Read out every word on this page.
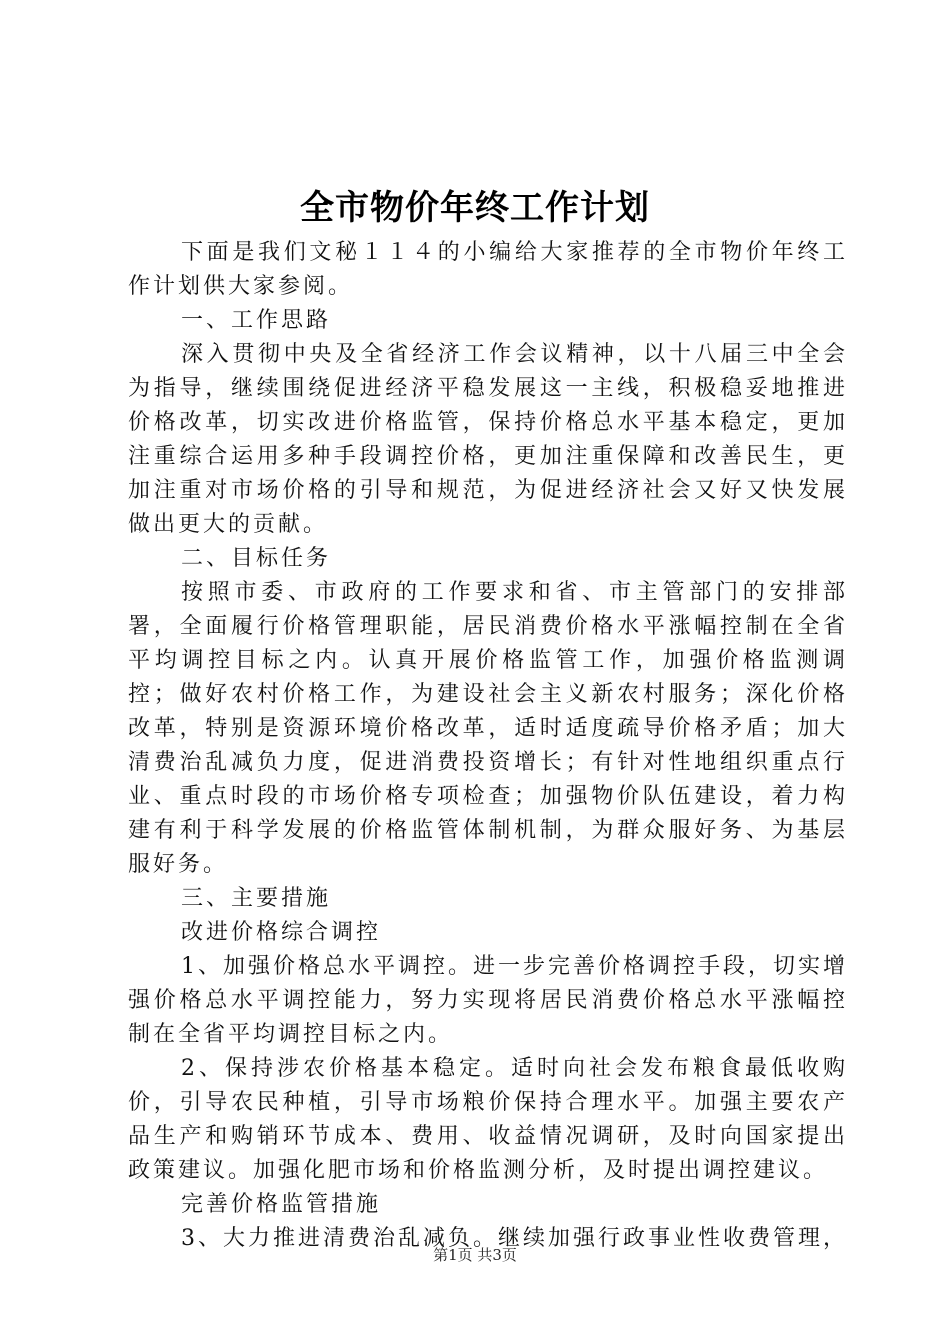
全市物价年终工作计划

下面是我们文秘１１４的小编给大家推荐的全市物价年终工作计划供大家参阅。

一、工作思路

深入贯彻中央及全省经济工作会议精神，以十八届三中全会为指导，继续围绕促进经济平稳发展这一主线，积极稳妥地推进价格改革，切实改进价格监管，保持价格总水平基本稳定，更加注重综合运用多种手段调控价格，更加注重保障和改善民生，更加注重对市场价格的引导和规范，为促进经济社会又好又快发展做出更大的贡献。

二、目标任务

按照市委、市政府的工作要求和省、市主管部门的安排部署，全面履行价格管理职能，居民消费价格水平涨幅控制在全省平均调控目标之内。认真开展价格监管工作，加强价格监测调控；做好农村价格工作，为建设社会主义新农村服务；深化价格改革，特别是资源环境价格改革，适时适度疏导价格矛盾；加大清费治乱减负力度，促进消费投资增长；有针对性地组织重点行业、重点时段的市场价格专项检查；加强物价队伍建设，着力构建有利于科学发展的价格监管体制机制，为群众服好务、为基层服好务。

三、主要措施

改进价格综合调控

1、加强价格总水平调控。进一步完善价格调控手段，切实增强价格总水平调控能力，努力实现将居民消费价格总水平涨幅控制在全省平均调控目标之内。

2、保持涉农价格基本稳定。适时向社会发布粮食最低收购价，引导农民种植，引导市场粮价保持合理水平。加强主要农产品生产和购销环节成本、费用、收益情况调研，及时向国家提出政策建议。加强化肥市场和价格监测分析，及时提出调控建议。

完善价格监管措施

3、大力推进清费治乱减负。继续加强行政事业性收费管理，

第1页 共3页
